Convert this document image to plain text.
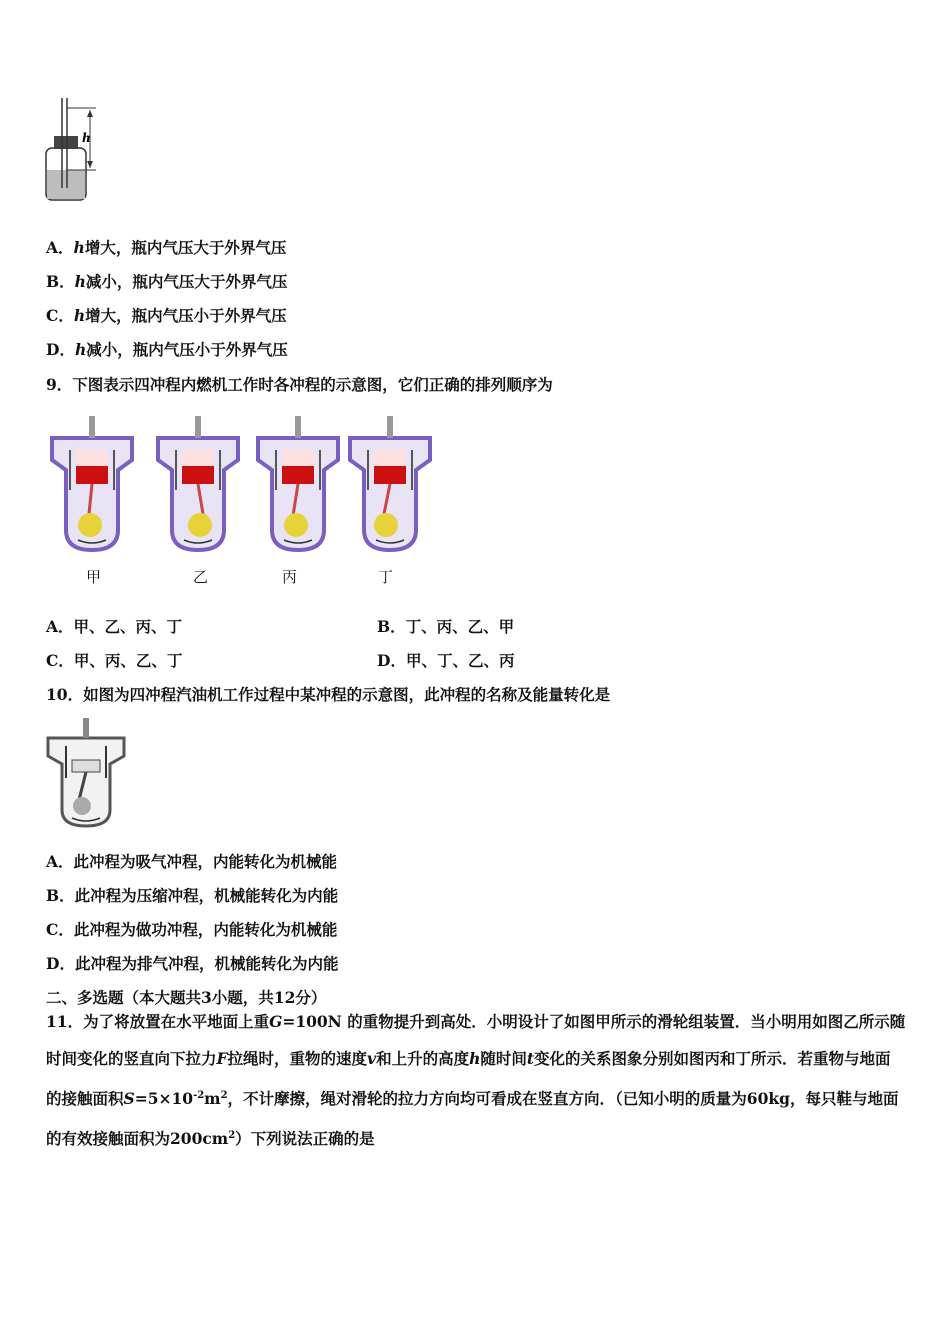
h
A．h增大，瓶内气压大于外界气压
B．h减小，瓶内气压大于外界气压
C．h增大，瓶内气压小于外界气压
D．h减小，瓶内气压小于外界气压
9．下图表示四冲程内燃机工作时各冲程的示意图，它们正确的排列顺序为
甲	乙	丙	丁
A．甲、乙、丙、丁	B．丁、丙、乙、甲
C．甲、丙、乙、丁	D．甲、丁、乙、丙
10．如图为四冲程汽油机工作过程中某冲程的示意图，此冲程的名称及能量转化是
A．此冲程为吸气冲程，内能转化为机械能
B．此冲程为压缩冲程，机械能转化为内能
C．此冲程为做功冲程，内能转化为机械能
D．此冲程为排气冲程，机械能转化为内能
二、多选题（本大题共3小题，共12分）
11．为了将放置在水平地面上重G=100N 的重物提升到高处．小明设计了如图甲所示的滑轮组装置．当小明用如图乙所示随时间变化的竖直向下拉力F拉绳时，重物的速度v和上升的高度h随时间t变化的关系图象分别如图丙和丁所示．若重物与地面的接触面积$S=5\times 10^{-2}m^2$，不计摩擦，绳对滑轮的拉力方向均可看成在竖直方向．（已知小明的质量为60kg，每只鞋与地面的有效接触面积为$200cm^2$）下列说法正确的是
